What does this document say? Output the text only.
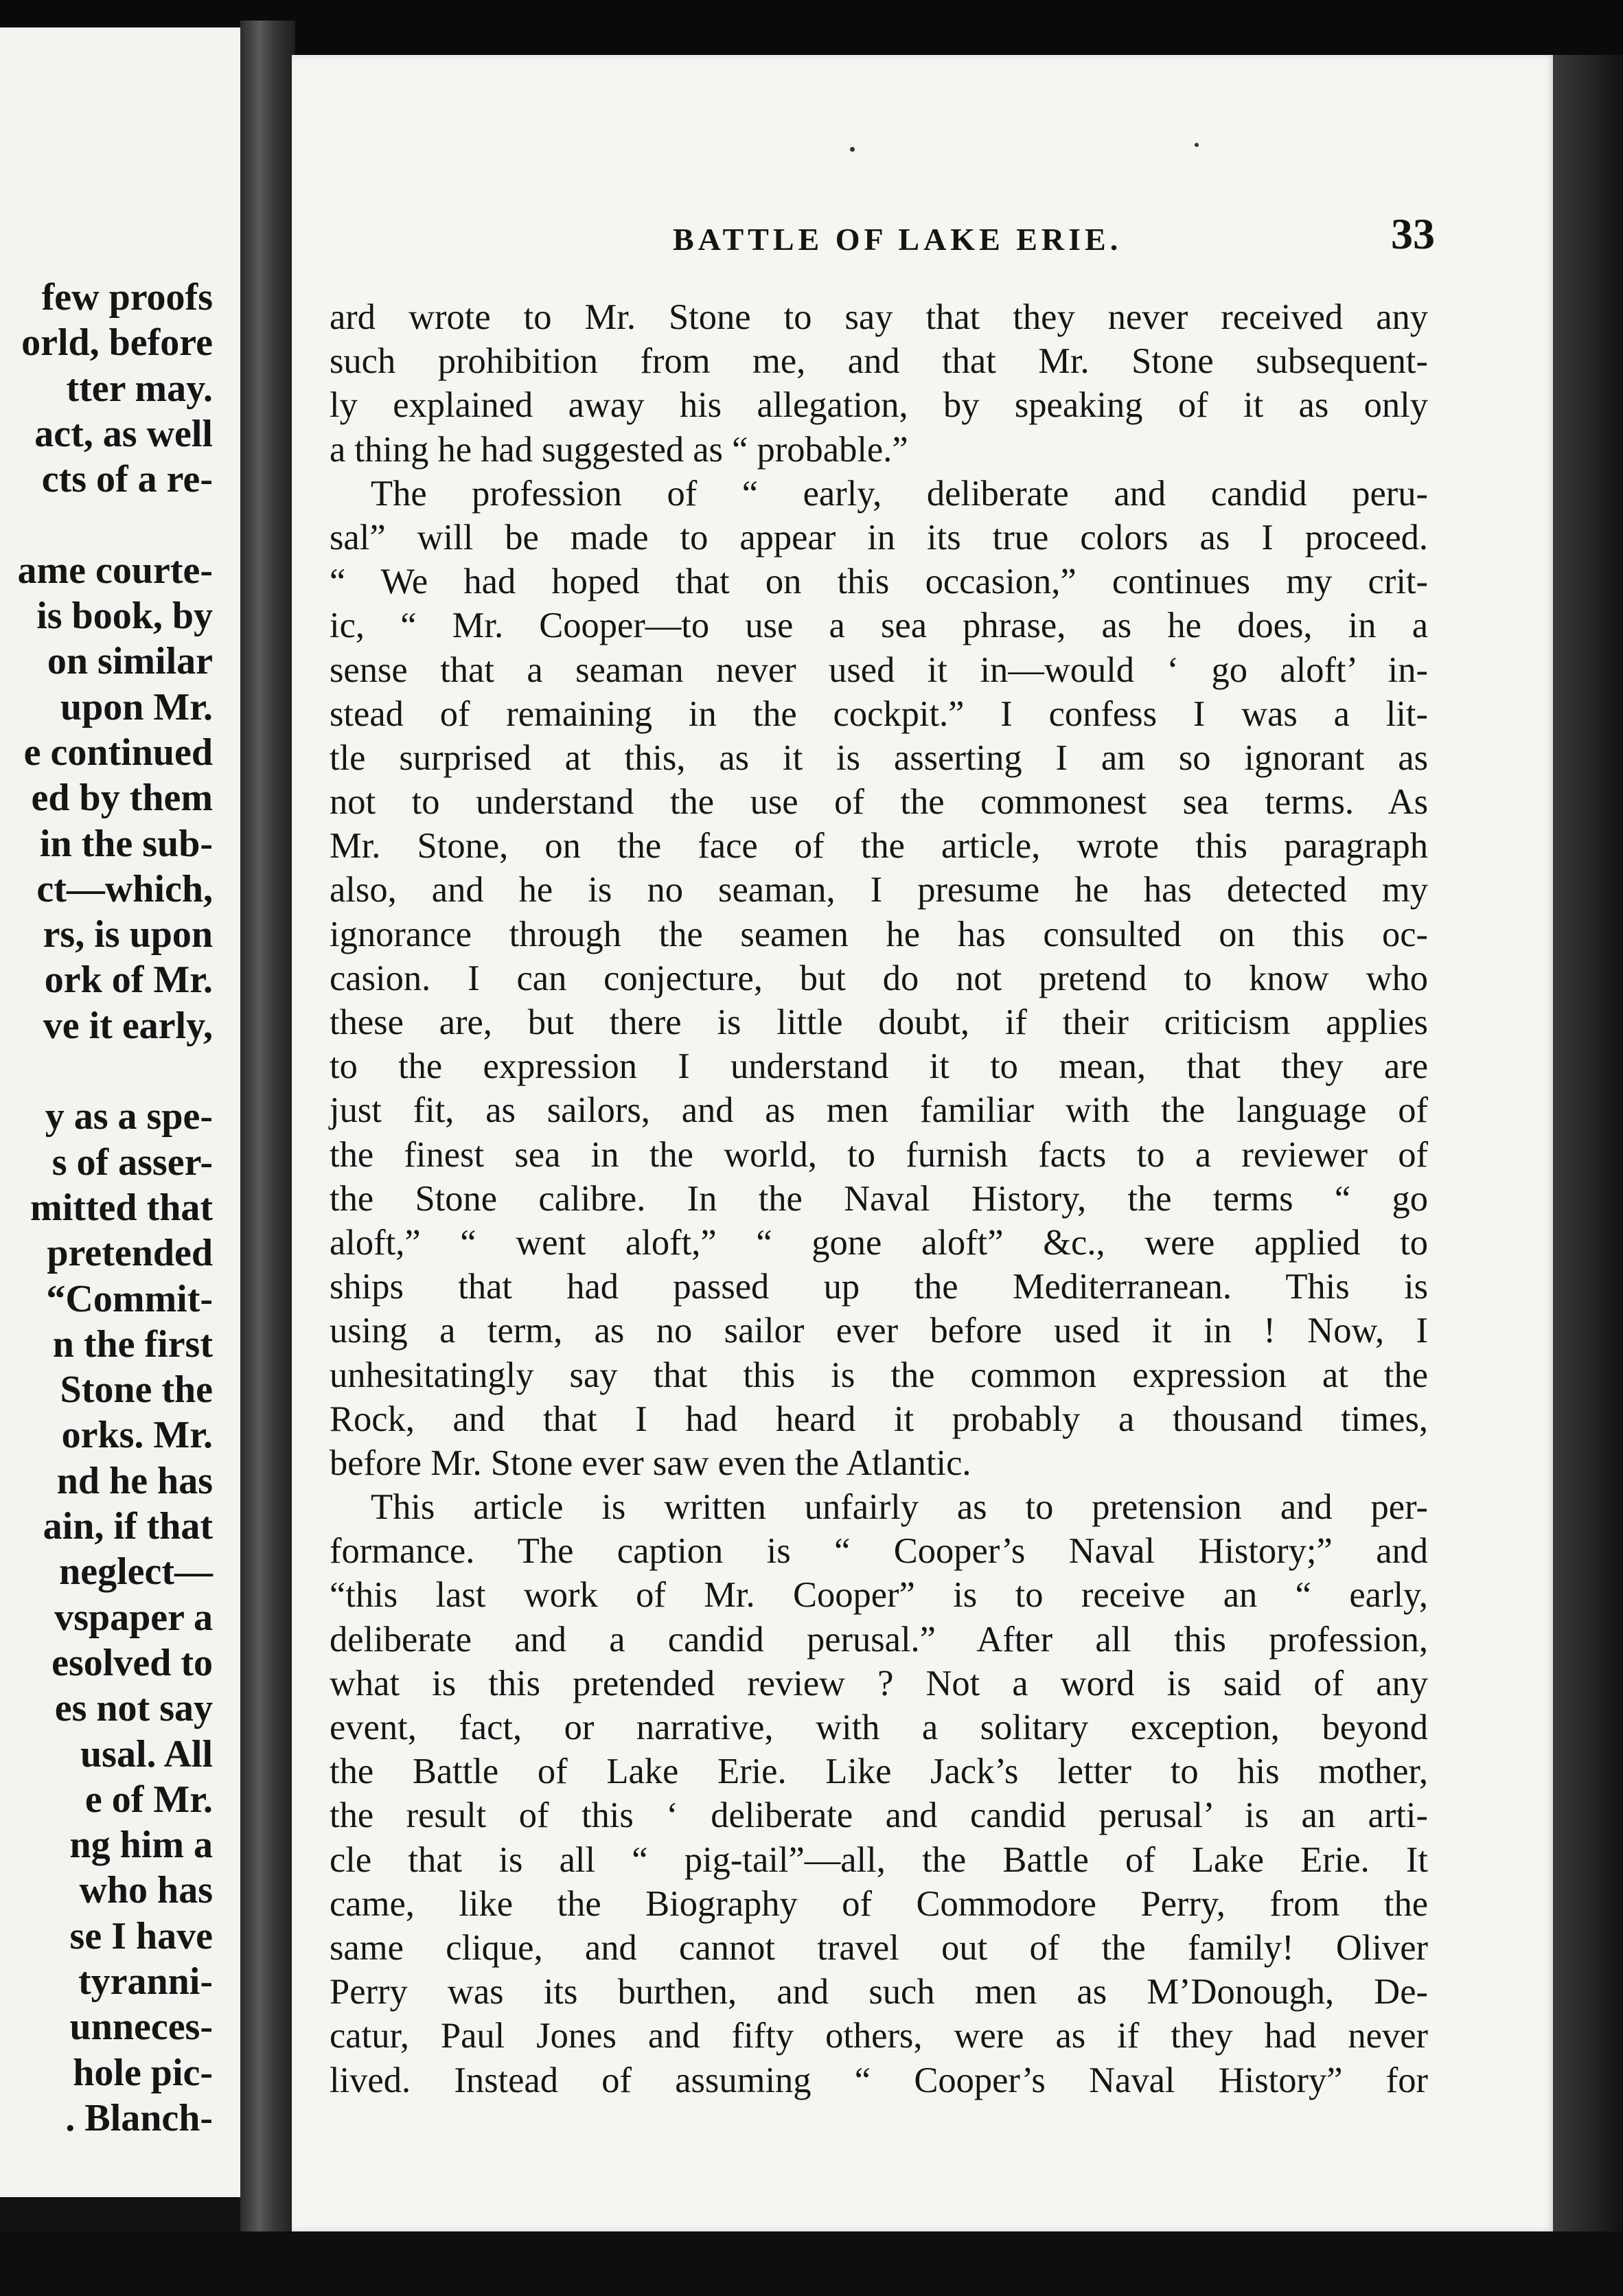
few proofs
orld, before
tter may.
act, as well
cts of a re-
ame courte-
is book, by
on similar
upon Mr.
e continued
ed by them
in the sub-
ct—which,
rs, is upon
ork of Mr.
ve it early,
y as a spe-
s of asser-
mitted that
pretended
“Commit-
n the first
Stone the
orks. Mr.
nd he has
ain, if that
neglect—
vspaper a
esolved to
es not say
usal. All
e of Mr.
ng him a
who has
se I have
tyranni-
unneces-
hole pic-
. Blanch-
BATTLE OF LAKE ERIE.	33
ard wrote to Mr. Stone to say that they never received any
such prohibition from me, and that Mr. Stone subsequent-
ly explained away his allegation, by speaking of it as only
a thing he had suggested as “ probable.”
The profession of “ early, deliberate and candid peru-
sal” will be made to appear in its true colors as I proceed.
“ We had hoped that on this occasion,” continues my crit-
ic, “ Mr. Cooper—to use a sea phrase, as he does, in a
sense that a seaman never used it in—would ‘ go aloft’ in-
stead of remaining in the cockpit.” I confess I was a lit-
tle surprised at this, as it is asserting I am so ignorant as
not to understand the use of the commonest sea terms. As
Mr. Stone, on the face of the article, wrote this paragraph
also, and he is no seaman, I presume he has detected my
ignorance through the seamen he has consulted on this oc-
casion. I can conjecture, but do not pretend to know who
these are, but there is little doubt, if their criticism applies
to the expression I understand it to mean, that they are
just fit, as sailors, and as men familiar with the language of
the finest sea in the world, to furnish facts to a reviewer of
the Stone calibre. In the Naval History, the terms “ go
aloft,” “ went aloft,” “ gone aloft” &c., were applied to
ships that had passed up the Mediterranean. This is
using a term, as no sailor ever before used it in ! Now, I
unhesitatingly say that this is the common expression at the
Rock, and that I had heard it probably a thousand times,
before Mr. Stone ever saw even the Atlantic.
This article is written unfairly as to pretension and per-
formance. The caption is “ Cooper’s Naval History;” and
“this last work of Mr. Cooper” is to receive an “ early,
deliberate and a candid perusal.” After all this profession,
what is this pretended review ? Not a word is said of any
event, fact, or narrative, with a solitary exception, beyond
the Battle of Lake Erie. Like Jack’s letter to his mother,
the result of this ‘ deliberate and candid perusal’ is an arti-
cle that is all “ pig-tail”—all, the Battle of Lake Erie. It
came, like the Biography of Commodore Perry, from the
same clique, and cannot travel out of the family! Oliver
Perry was its burthen, and such men as M’Donough, De-
catur, Paul Jones and fifty others, were as if they had never
lived. Instead of assuming “ Cooper’s Naval History” for
